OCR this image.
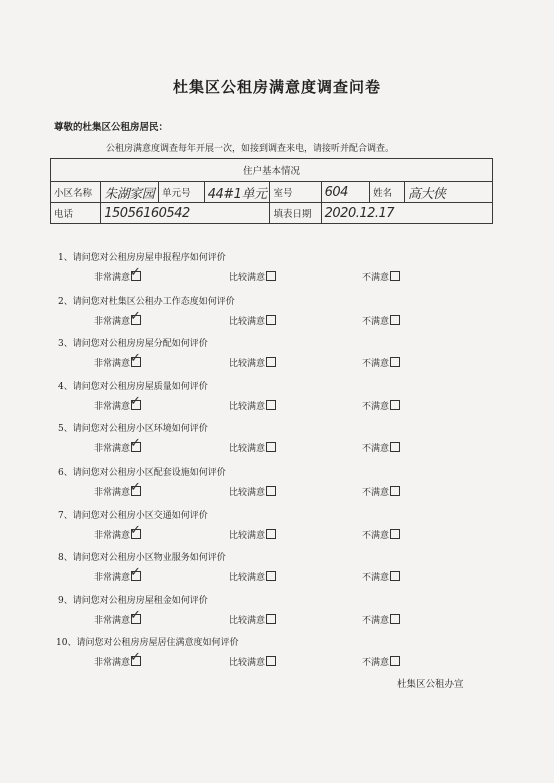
杜集区公租房满意度调查问卷
尊敬的杜集区公租房居民：
公租房满意度调查每年开展一次，如接到调查来电，请接听并配合调查。
住户基本情况							
小区名称	朱湖家园	单元号	44#1单元	室号	604	姓名	高大侠
电话	15056160542			填表日期	2020.12.17		
1、请问您对公租房房屋申报程序如何评价
非常满意 ✓	比较满意	不满意
2、请问您对杜集区公租办工作态度如何评价
非常满意 ✓	比较满意	不满意
3、请问您对公租房房屋分配如何评价
非常满意 ✓	比较满意	不满意
4、请问您对公租房房屋质量如何评价
非常满意 ✓	比较满意	不满意
5、请问您对公租房小区环境如何评价
非常满意 ✓	比较满意	不满意
6、请问您对公租房小区配套设施如何评价
非常满意 ✓	比较满意	不满意
7、请问您对公租房小区交通如何评价
非常满意 ✓	比较满意	不满意
8、请问您对公租房小区物业服务如何评价
非常满意 ✓	比较满意	不满意
9、请问您对公租房房屋租金如何评价
非常满意 ✓	比较满意	不满意
10、请问您对公租房房屋居住满意度如何评价
非常满意 ✓	比较满意	不满意
杜集区公租办宣
